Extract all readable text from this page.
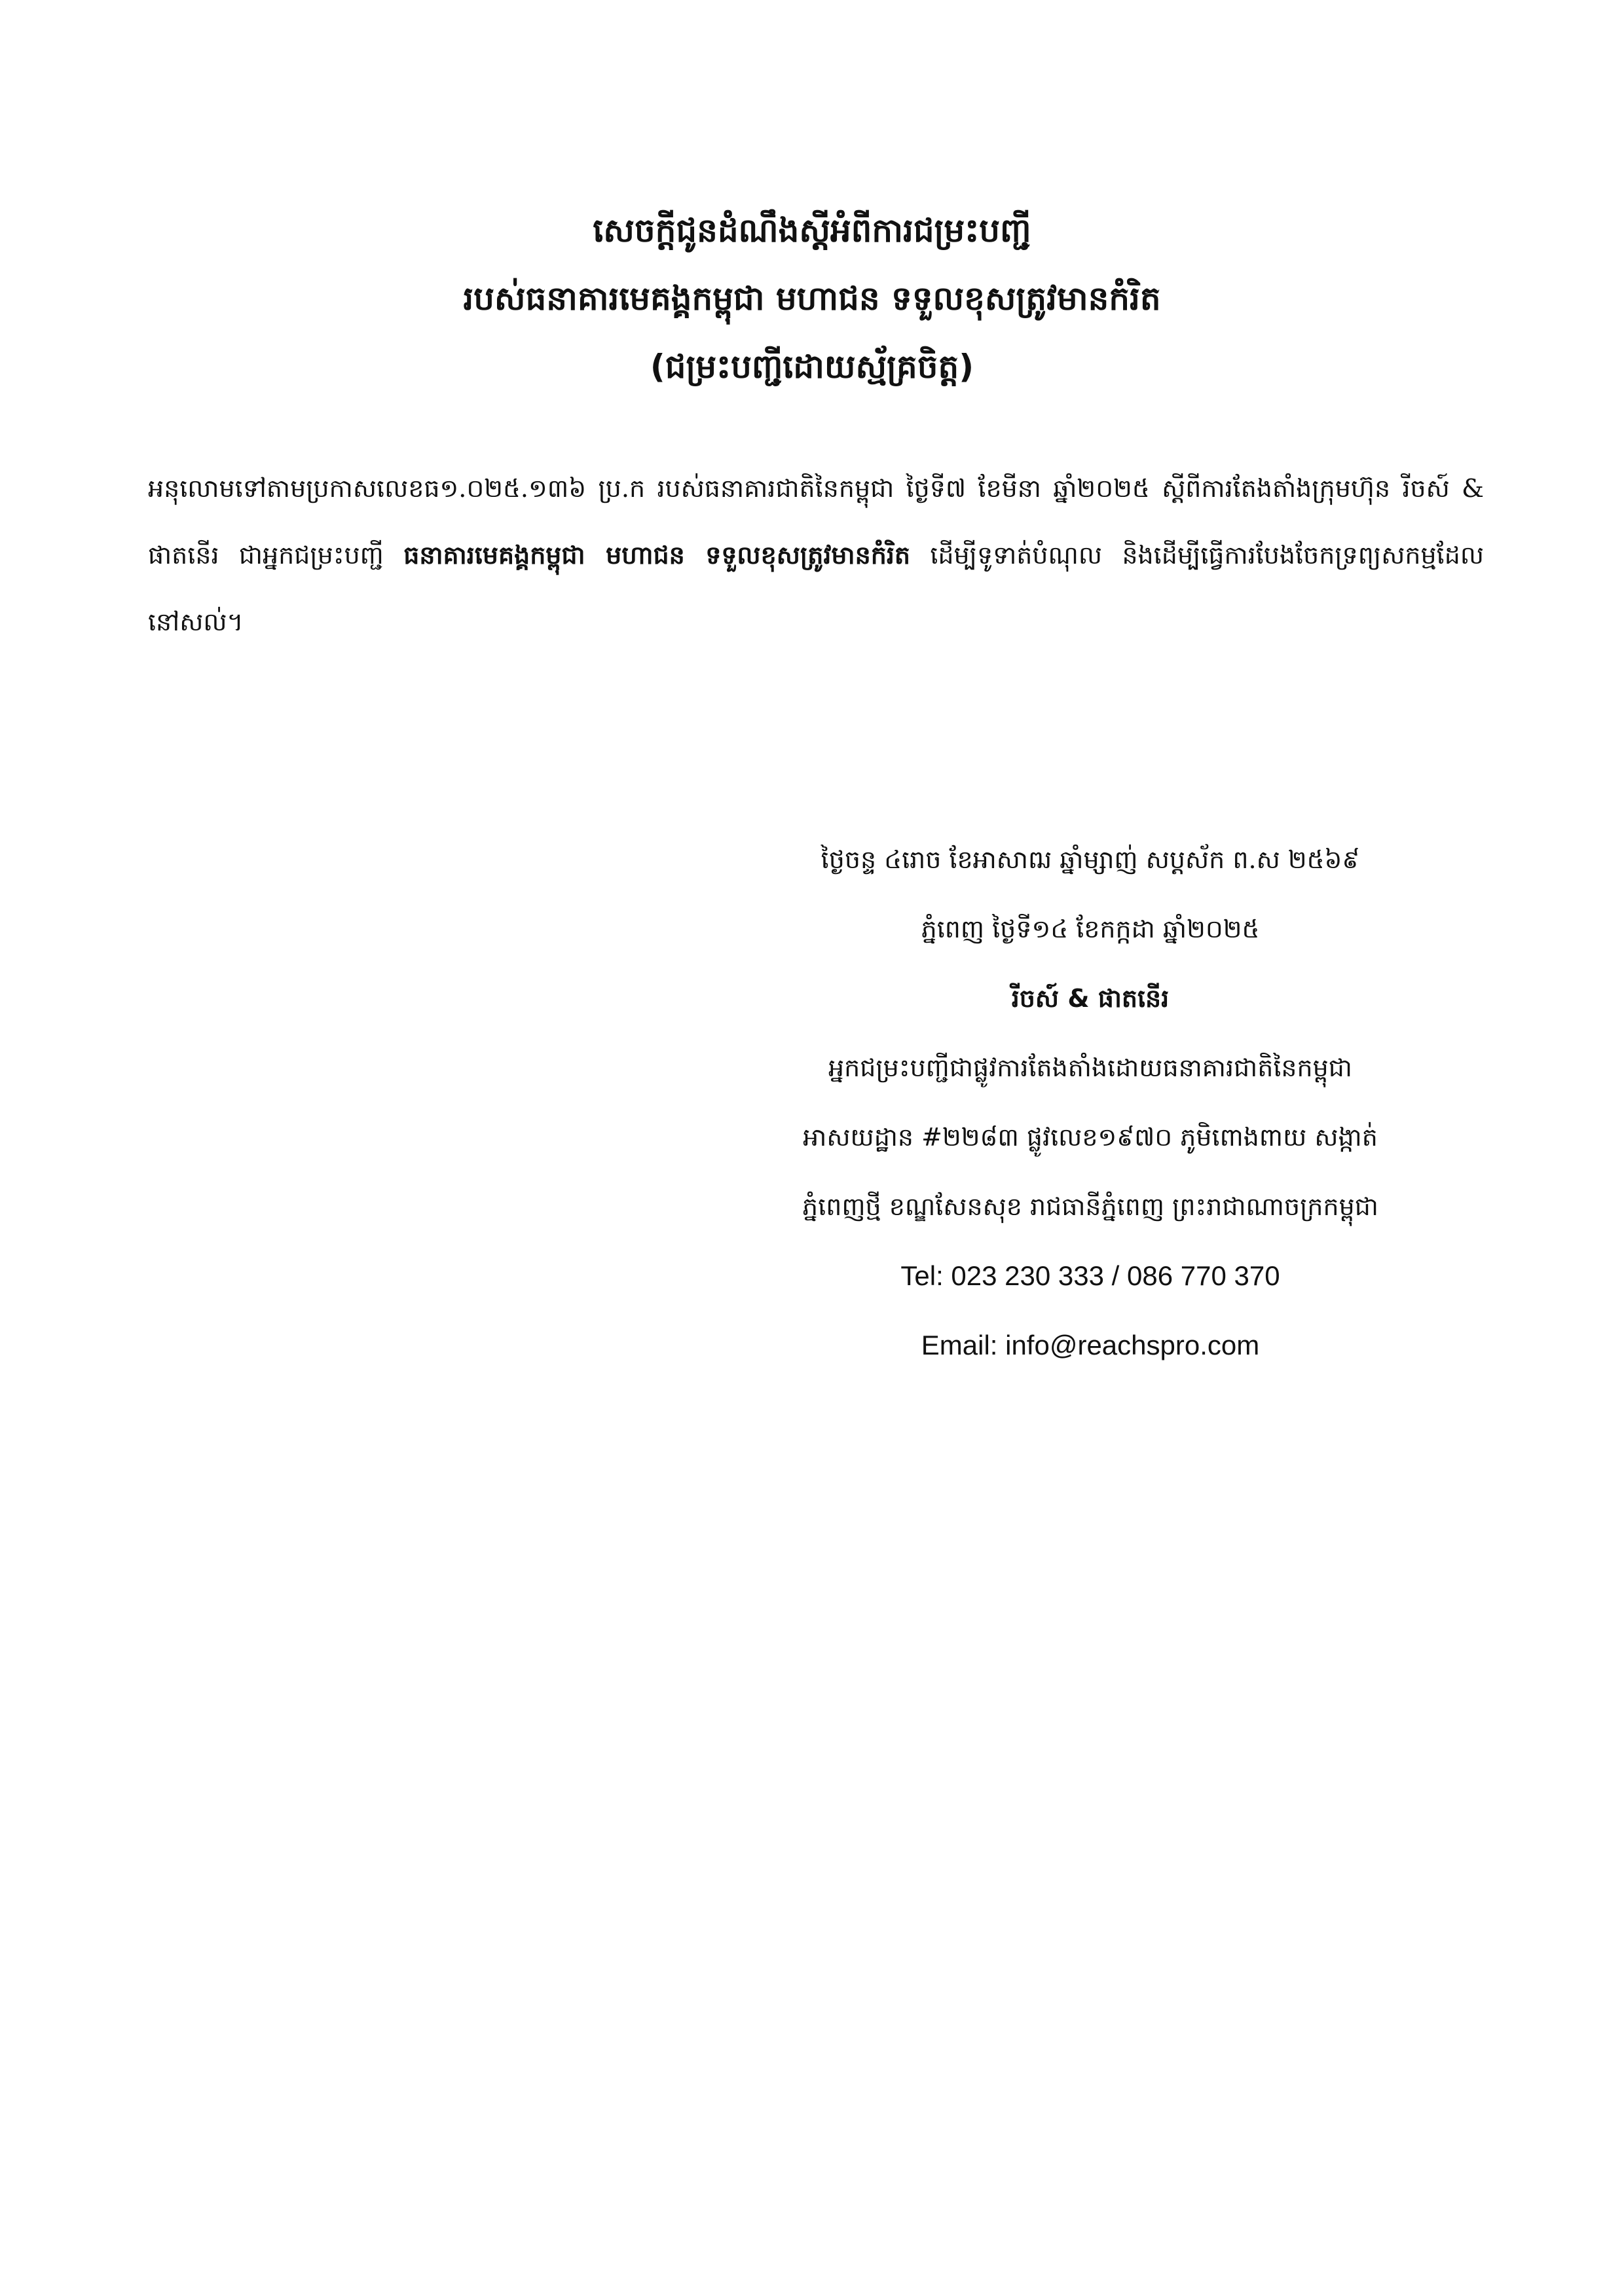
សេចក្តីជូនដំណឹងស្តីអំពីការជម្រះបញ្ជី
របស់ធនាគារមេគង្គកម្ពុជា មហាជន ទទួលខុសត្រូវមានកំរិត
(ជម្រះបញ្ជីដោយស្ម័គ្រចិត្ត)
អនុលោមទៅតាមប្រកាសលេខធ១.០២៥.១៣៦ ប្រ.ក របស់ធនាគារជាតិនៃកម្ពុជា ថ្ងៃទី៧ ខែមីនា ឆ្នាំ២០២៥ ស្តីពីការតែងតាំងក្រុមហ៊ុន រីចស៍ & ផាតនើរ ជាអ្នកជម្រះបញ្ជី ធនាគារមេគង្គកម្ពុជា មហាជន ទទួលខុសត្រូវមានកំរិត ដើម្បីទូទាត់បំណុល និងដើម្បីធ្វើការបែងចែកទ្រព្យសកម្មដែលនៅសល់។
ថ្ងៃចន្ទ ៤រោច ខែអាសាឍ ឆ្នាំម្សាញ់ សប្តស័ក ព.ស ២៥៦៩
ភ្នំពេញ ថ្ងៃទី១៤ ខែកក្កដា ឆ្នាំ២០២៥
រីចស៍ & ផាតនើរ
អ្នកជម្រះបញ្ជីជាផ្លូវការតែងតាំងដោយធនាគារជាតិនៃកម្ពុជា
អាសយដ្ឋាន #២២៨៣ ផ្លូវលេខ១៩៧០ ភូមិពោងពាយ សង្កាត់
ភ្នំពេញថ្មី ខណ្ឌសែនសុខ រាជធានីភ្នំពេញ ព្រះរាជាណាចក្រកម្ពុជា
Tel: 023 230 333 / 086 770 370
Email: info@reachspro.com
